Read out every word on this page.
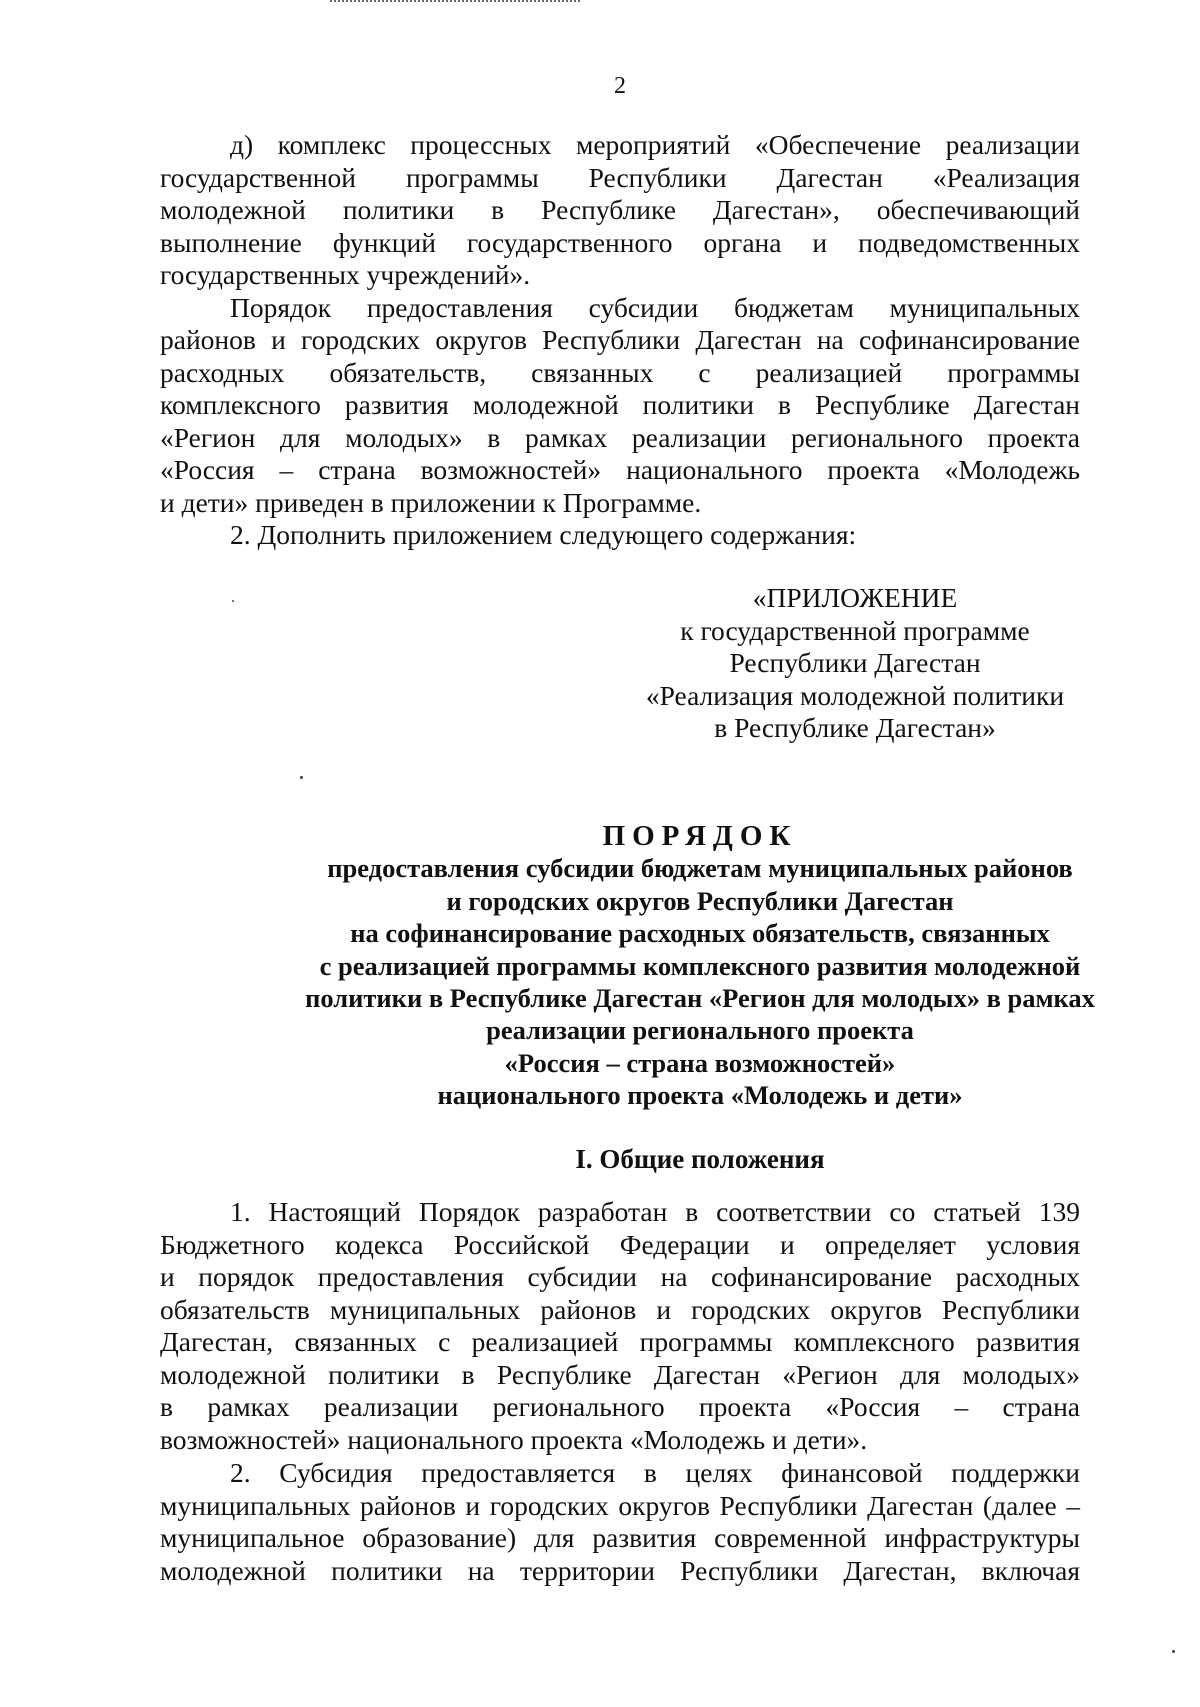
2
д) комплекс процессных мероприятий «Обеспечение реализации
государственной программы Республики Дагестан «Реализация
молодежной политики в Республике Дагестан», обеспечивающий
выполнение функций государственного органа и подведомственных
государственных учреждений».
Порядок предоставления субсидии бюджетам муниципальных
районов и городских округов Республики Дагестан на софинансирование
расходных обязательств, связанных с реализацией программы
комплексного развития молодежной политики в Республике Дагестан
«Регион для молодых» в рамках реализации регионального проекта
«Россия – страна возможностей» национального проекта «Молодежь
и дети» приведен в приложении к Программе.
2. Дополнить приложением следующего содержания:
«ПРИЛОЖЕНИЕ
к государственной программе
Республики Дагестан
«Реализация молодежной политики
в Республике Дагестан»
ПОРЯДОК
предоставления субсидии бюджетам муниципальных районов
и городских округов Республики Дагестан
на софинансирование расходных обязательств, связанных
с реализацией программы комплексного развития молодежной
политики в Республике Дагестан «Регион для молодых» в рамках
реализации регионального проекта
«Россия – страна возможностей»
национального проекта «Молодежь и дети»
I. Общие положения
1. Настоящий Порядок разработан в соответствии со статьей 139
Бюджетного кодекса Российской Федерации и определяет условия
и порядок предоставления субсидии на софинансирование расходных
обязательств муниципальных районов и городских округов Республики
Дагестан, связанных с реализацией программы комплексного развития
молодежной политики в Республике Дагестан «Регион для молодых»
в рамках реализации регионального проекта «Россия – страна
возможностей» национального проекта «Молодежь и дети».
2. Субсидия предоставляется в целях финансовой поддержки
муниципальных районов и городских округов Республики Дагестан (далее –
муниципальное образование) для развития современной инфраструктуры
молодежной политики на территории Республики Дагестан, включая
